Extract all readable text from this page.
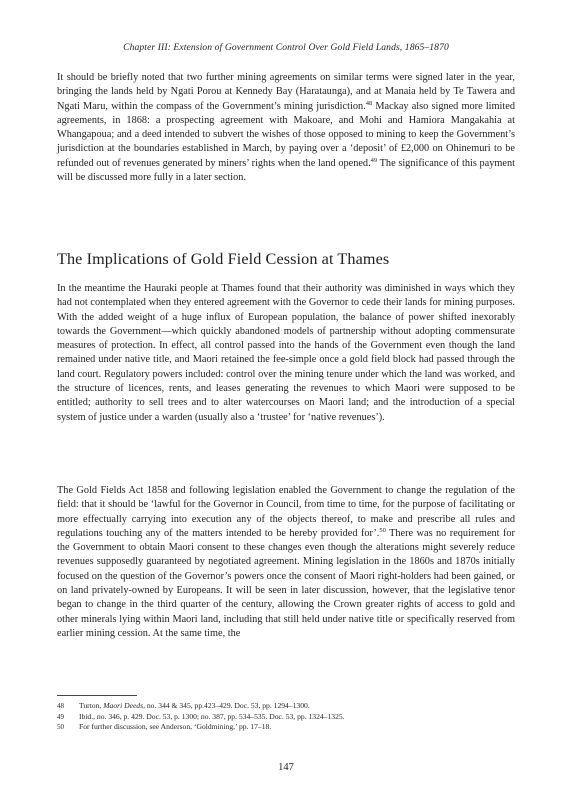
Chapter III: Extension of Government Control Over Gold Field Lands, 1865–1870

It should be briefly noted that two further mining agreements on similar terms were signed later in the year, bringing the lands held by Ngati Porou at Kennedy Bay (Harataunga), and at Manaia held by Te Tawera and Ngati Maru, within the compass of the Government’s mining jurisdiction.$^{48}$ Mackay also signed more limited agreements, in 1868: a prospecting agreement with Makoare, and Mohi and Hamiora Mangakahia at Whangapoua; and a deed intended to subvert the wishes of those opposed to mining to keep the Government’s jurisdiction at the boundaries established in March, by paying over a ‘deposit’ of £2,000 on Ohinemuri to be refunded out of revenues generated by miners’ rights when the land opened.$^{49}$ The significance of this payment will be discussed more fully in a later section.

The Implications of Gold Field Cession at Thames

In the meantime the Hauraki people at Thames found that their authority was diminished in ways which they had not contemplated when they entered agreement with the Governor to cede their lands for mining purposes. With the added weight of a huge influx of European population, the balance of power shifted inexorably towards the Government—which quickly abandoned models of partnership without adopting commensurate measures of protection. In effect, all control passed into the hands of the Government even though the land remained under native title, and Maori retained the fee-simple once a gold field block had passed through the land court. Regulatory powers included: control over the mining tenure under which the land was worked, and the structure of licences, rents, and leases generating the revenues to which Maori were supposed to be entitled; authority to sell trees and to alter watercourses on Maori land; and the introduction of a special system of justice under a warden (usually also a ‘trustee’ for ‘native revenues’).

The Gold Fields Act 1858 and following legislation enabled the Government to change the regulation of the field: that it should be ‘lawful for the Governor in Council, from time to time, for the purpose of facilitating or more effectually carrying into execution any of the objects thereof, to make and prescribe all rules and regulations touching any of the matters intended to be hereby provided for’.$^{50}$ There was no requirement for the Government to obtain Maori consent to these changes even though the alterations might severely reduce revenues supposedly guaranteed by negotiated agreement. Mining legislation in the 1860s and 1870s initially focused on the question of the Governor’s powers once the consent of Maori right-holders had been gained, or on land privately-owned by Europeans. It will be seen in later discussion, however, that the legislative tenor began to change in the third quarter of the century, allowing the Crown greater rights of access to gold and other minerals lying within Maori land, including that still held under native title or specifically reserved from earlier mining cession. At the same time, the

48	Turton, Maori Deeds, no. 344 & 345, pp.423–429. Doc. 53, pp. 1294–1300.
49	Ibid., no. 346, p. 429. Doc. 53, p. 1300; no. 387, pp. 534–535. Doc. 53, pp. 1324–1325.
50	For further discussion, see Anderson, ‘Goldmining,’ pp. 17–18.
147
